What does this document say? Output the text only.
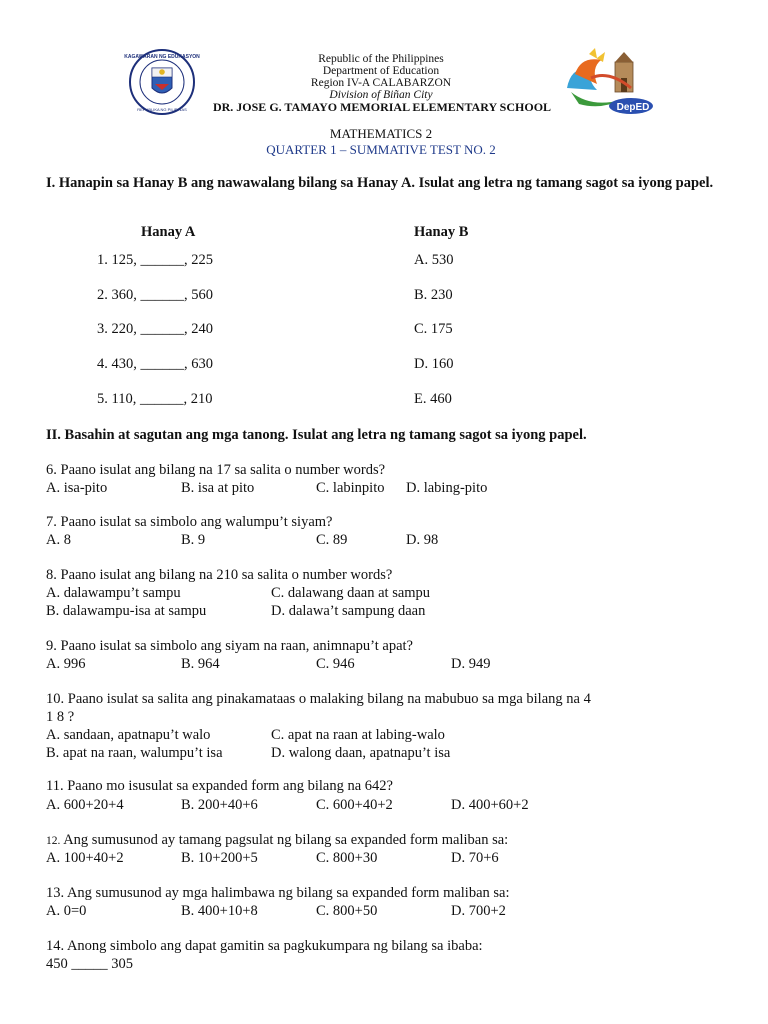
KAGAWARAN NG EDUKASYON
REPUBLIKA NG PILIPINAS
Republic of the Philippines
Department of Education
Region IV-A CALABARZON
Division of Biñan City
DR. JOSE G. TAMAYO MEMORIAL ELEMENTARY SCHOOL	DepED
MATHEMATICS 2
QUARTER 1 – SUMMATIVE TEST NO. 2
I. Hanapin sa Hanay B ang nawawalang bilang sa Hanay A. Isulat ang letra ng tamang sagot sa iyong papel.
Hanay A	Hanay B
1. 125, ______, 225	A. 530
2. 360, ______, 560	B. 230
3. 220, ______, 240	C. 175
4. 430, ______, 630	D. 160
5. 110, ______, 210	E. 460
II. Basahin at sagutan ang mga tanong. Isulat ang letra ng tamang sagot sa iyong papel.
6. Paano isulat ang bilang na 17 sa salita o number words?
A. isa-pito	B. isa at pito	C. labinpito D. labing-pito
7. Paano isulat sa simbolo ang walumpu’t siyam?
A. 8	B. 9	C. 89	D. 98
8. Paano isulat ang bilang na 210 sa salita o number words?
A. dalawampu’t sampu	C. dalawang daan at sampu
B. dalawampu-isa at sampu	D. dalawa’t sampung daan
9. Paano isulat sa simbolo ang siyam na raan, animnapu’t apat?
A. 996	B. 964	C. 946	D. 949
10. Paano isulat sa salita ang pinakamataas o malaking bilang na mabubuo sa mga bilang na 4
1 8 ?
A. sandaan, apatnapu’t walo	C. apat na raan at labing-walo
B. apat na raan, walumpu’t isa	D. walong daan, apatnapu’t isa
11. Paano mo isusulat sa expanded form ang bilang na 642?
A. 600+20+4	B. 200+40+6	C. 600+40+2	D. 400+60+2
12. Ang sumusunod ay tamang pagsulat ng bilang sa expanded form maliban sa:
A. 100+40+2	B. 10+200+5	C. 800+30	D. 70+6
13. Ang sumusunod ay mga halimbawa ng bilang sa expanded form maliban sa:
A. 0=0	B. 400+10+8	C. 800+50	D. 700+2
14. Anong simbolo ang dapat gamitin sa pagkukumpara ng bilang sa ibaba:
450 _____ 305
